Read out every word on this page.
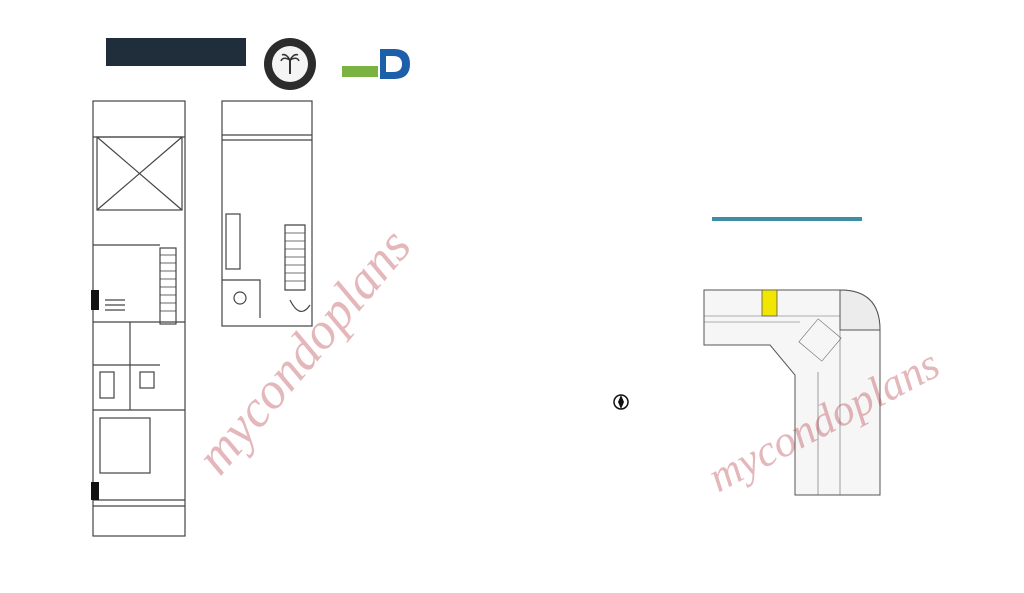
mycondoplans	mycondoplans
